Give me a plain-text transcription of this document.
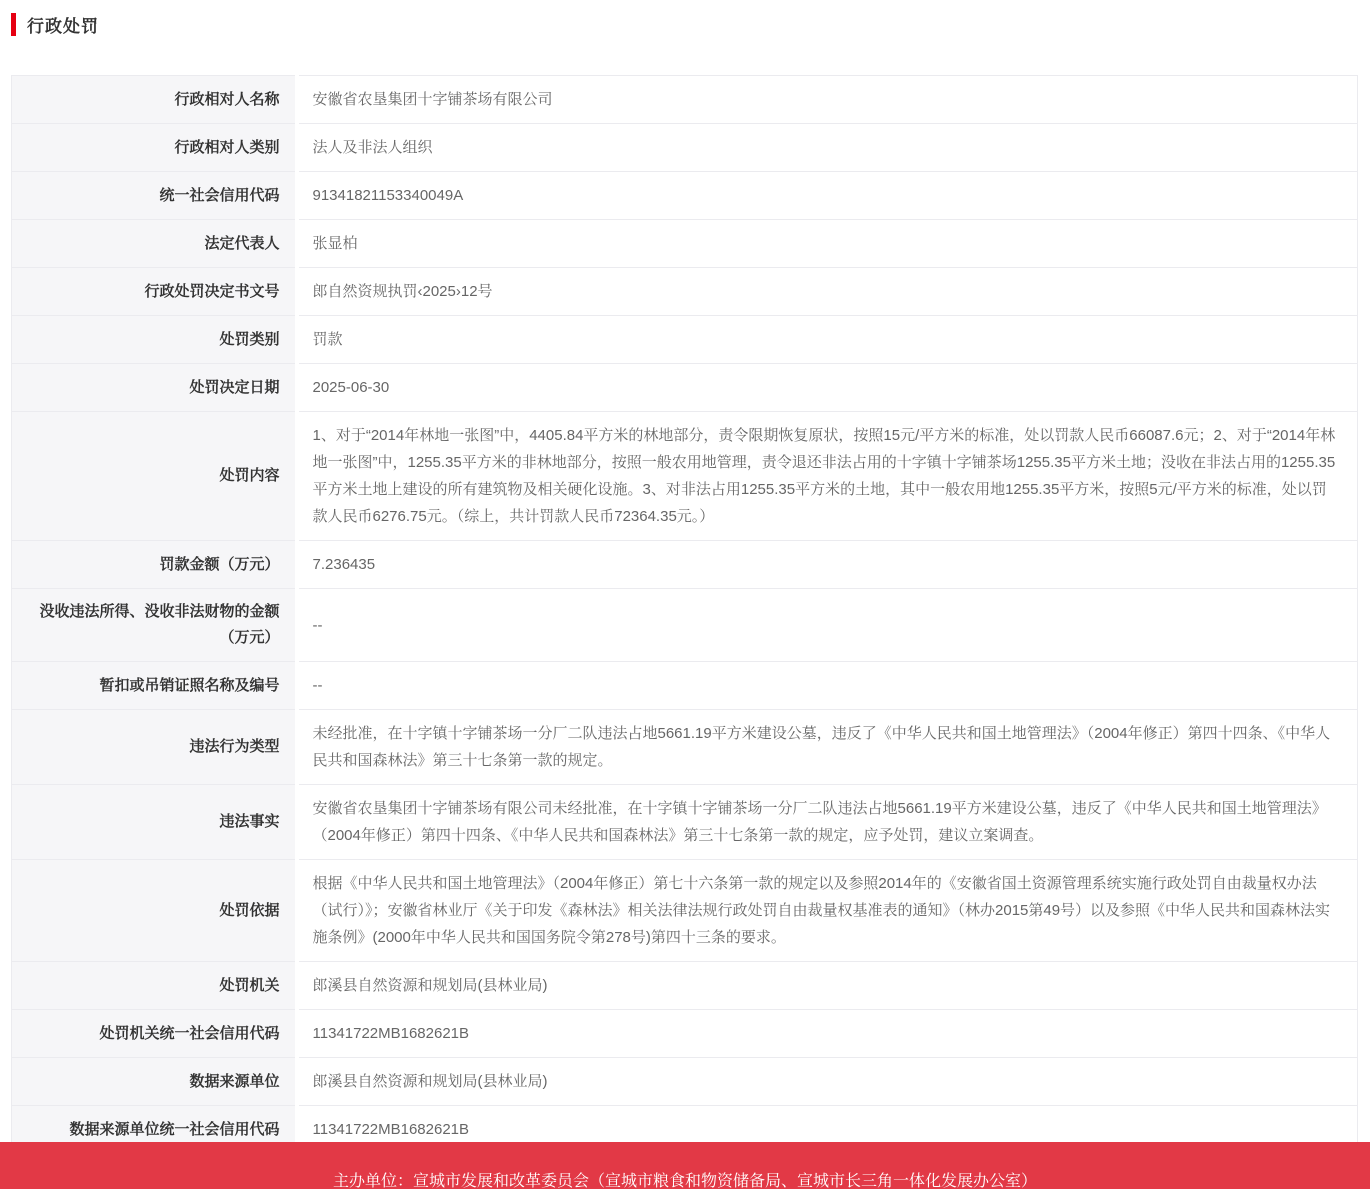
行政处罚
行政相对人名称	安徽省农垦集团十字铺茶场有限公司
行政相对人类别	法人及非法人组织
统一社会信用代码	91341821153340049A
法定代表人	张显柏
行政处罚决定书文号	郎自然资规执罚‹2025›12号
处罚类别	罚款
处罚决定日期	2025-06-30
处罚内容	1、对于“2014年林地一张图”中，4405.84平方米的林地部分，责令限期恢复原状，按照15元/平方米的标准，处以罚款人民币66087.6元；2、对于“2014年林地一张图”中，1255.35平方米的非林地部分，按照一般农用地管理，责令退还非法占用的十字镇十字铺茶场1255.35平方米土地；没收在非法占用的1255.35平方米土地上建设的所有建筑物及相关硬化设施。3、对非法占用1255.35平方米的土地，其中一般农用地1255.35平方米，按照5元/平方米的标准，处以罚款人民币6276.75元。（综上，共计罚款人民币72364.35元。）
罚款金额（万元）	7.236435
没收违法所得、没收非法财物的金额（万元）	--
暂扣或吊销证照名称及编号	--
违法行为类型	未经批准，在十字镇十字铺茶场一分厂二队违法占地5661.19平方米建设公墓，违反了《中华人民共和国土地管理法》（2004年修正）第四十四条、《中华人民共和国森林法》第三十七条第一款的规定。
违法事实	安徽省农垦集团十字铺茶场有限公司未经批准，在十字镇十字铺茶场一分厂二队违法占地5661.19平方米建设公墓，违反了《中华人民共和国土地管理法》（2004年修正）第四十四条、《中华人民共和国森林法》第三十七条第一款的规定，应予处罚，建议立案调查。
处罚依据	根据《中华人民共和国土地管理法》（2004年修正）第七十六条第一款的规定以及参照2014年的《安徽省国土资源管理系统实施行政处罚自由裁量权办法（试行）》；安徽省林业厅《关于印发《森林法》相关法律法规行政处罚自由裁量权基准表的通知》（林办2015第49号）以及参照《中华人民共和国森林法实施条例》(2000年中华人民共和国国务院令第278号)第四十三条的要求。
处罚机关	郎溪县自然资源和规划局(县林业局)
处罚机关统一社会信用代码	11341722MB1682621B
数据来源单位	郎溪县自然资源和规划局(县林业局)
数据来源单位统一社会信用代码	11341722MB1682621B
主办单位：宣城市发展和改革委员会（宣城市粮食和物资储备局、宣城市长三角一体化发展办公室）
